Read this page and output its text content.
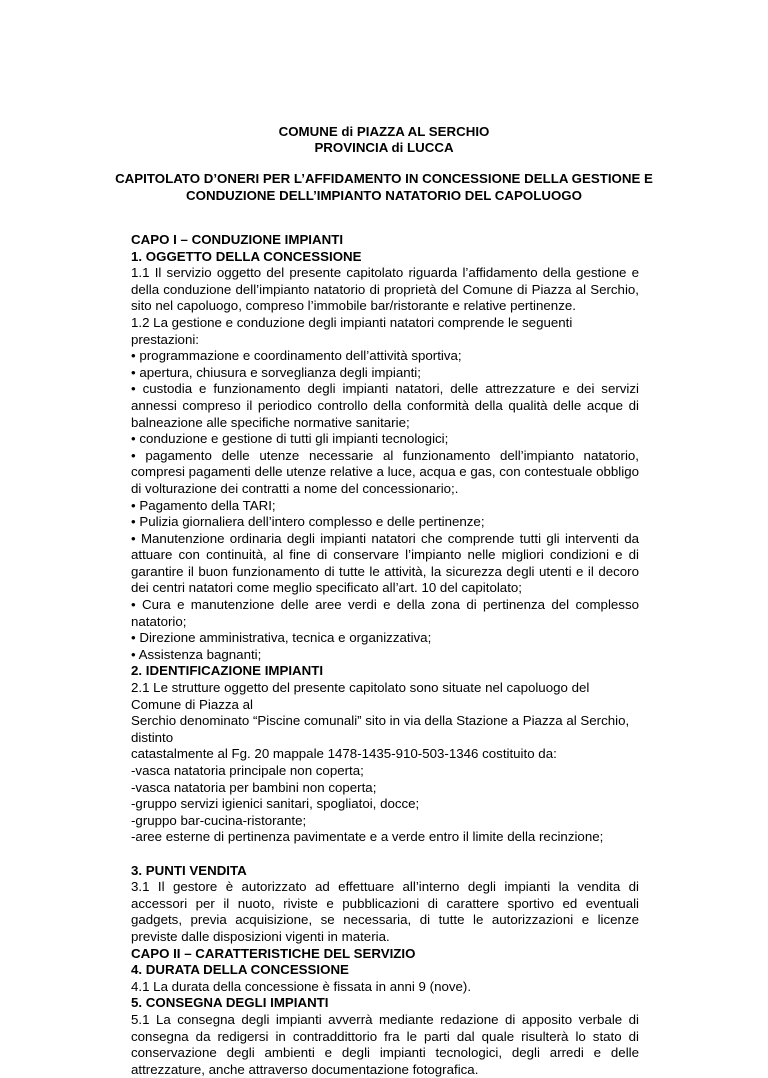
COMUNE di PIAZZA AL SERCHIO
PROVINCIA di LUCCA
CAPITOLATO D’ONERI PER L’AFFIDAMENTO IN CONCESSIONE DELLA GESTIONE E
CONDUZIONE DELL’IMPIANTO NATATORIO DEL CAPOLUOGO

CAPO I – CONDUZIONE IMPIANTI

1. OGGETTO DELLA CONCESSIONE

1.1 Il servizio oggetto del presente capitolato riguarda l’affidamento della gestione e della conduzione dell’impianto natatorio di proprietà del Comune di Piazza al Serchio, sito nel capoluogo, compreso l’immobile bar/ristorante e relative pertinenze.

1.2 La gestione e conduzione degli impianti natatori comprende le seguenti prestazioni:

• programmazione e coordinamento dell’attività sportiva;

• apertura, chiusura e sorveglianza degli impianti;

• custodia e funzionamento degli impianti natatori, delle attrezzature e dei servizi annessi compreso il periodico controllo della conformità della qualità delle acque di balneazione alle specifiche normative sanitarie;

• conduzione e gestione di tutti gli impianti tecnologici;

• pagamento delle utenze necessarie al funzionamento dell’impianto natatorio, compresi pagamenti delle utenze relative a luce, acqua e gas, con contestuale obbligo di volturazione dei contratti a nome del concessionario;.

• Pagamento della TARI;

• Pulizia giornaliera dell’intero complesso e delle pertinenze;

• Manutenzione ordinaria degli impianti natatori che comprende tutti gli interventi da attuare con continuità, al fine di conservare l’impianto nelle migliori condizioni e di garantire il buon funzionamento di tutte le attività, la sicurezza degli utenti e il decoro dei centri natatori come meglio specificato all’art. 10 del capitolato;

• Cura e manutenzione delle aree verdi e della zona di pertinenza del complesso natatorio;

• Direzione amministrativa, tecnica e organizzativa;

• Assistenza bagnanti;

2. IDENTIFICAZIONE IMPIANTI

2.1 Le strutture oggetto del presente capitolato sono situate nel capoluogo del Comune di Piazza al

Serchio denominato “Piscine comunali” sito in via della Stazione a Piazza al Serchio, distinto

catastalmente al Fg. 20 mappale 1478-1435-910-503-1346 costituito da:

-vasca natatoria principale non coperta;

-vasca natatoria per bambini non coperta;

-gruppo servizi igienici sanitari, spogliatoi, docce;

-gruppo bar-cucina-ristorante;

-aree esterne di pertinenza pavimentate e a verde entro il limite della recinzione;

3. PUNTI VENDITA

3.1 Il gestore è autorizzato ad effettuare all’interno degli impianti la vendita di accessori per il nuoto, riviste e pubblicazioni di carattere sportivo ed eventuali gadgets, previa acquisizione, se necessaria, di tutte le autorizzazioni e licenze previste dalle disposizioni vigenti in materia.

CAPO II – CARATTERISTICHE DEL SERVIZIO

4. DURATA DELLA CONCESSIONE

4.1 La durata della concessione è fissata in anni 9 (nove).

5. CONSEGNA DEGLI IMPIANTI

5.1 La consegna degli impianti avverrà mediante redazione di apposito verbale di consegna da redigersi in contraddittorio fra le parti dal quale risulterà lo stato di conservazione degli ambienti e degli impianti tecnologici, degli arredi e delle attrezzature, anche attraverso documentazione fotografica.
